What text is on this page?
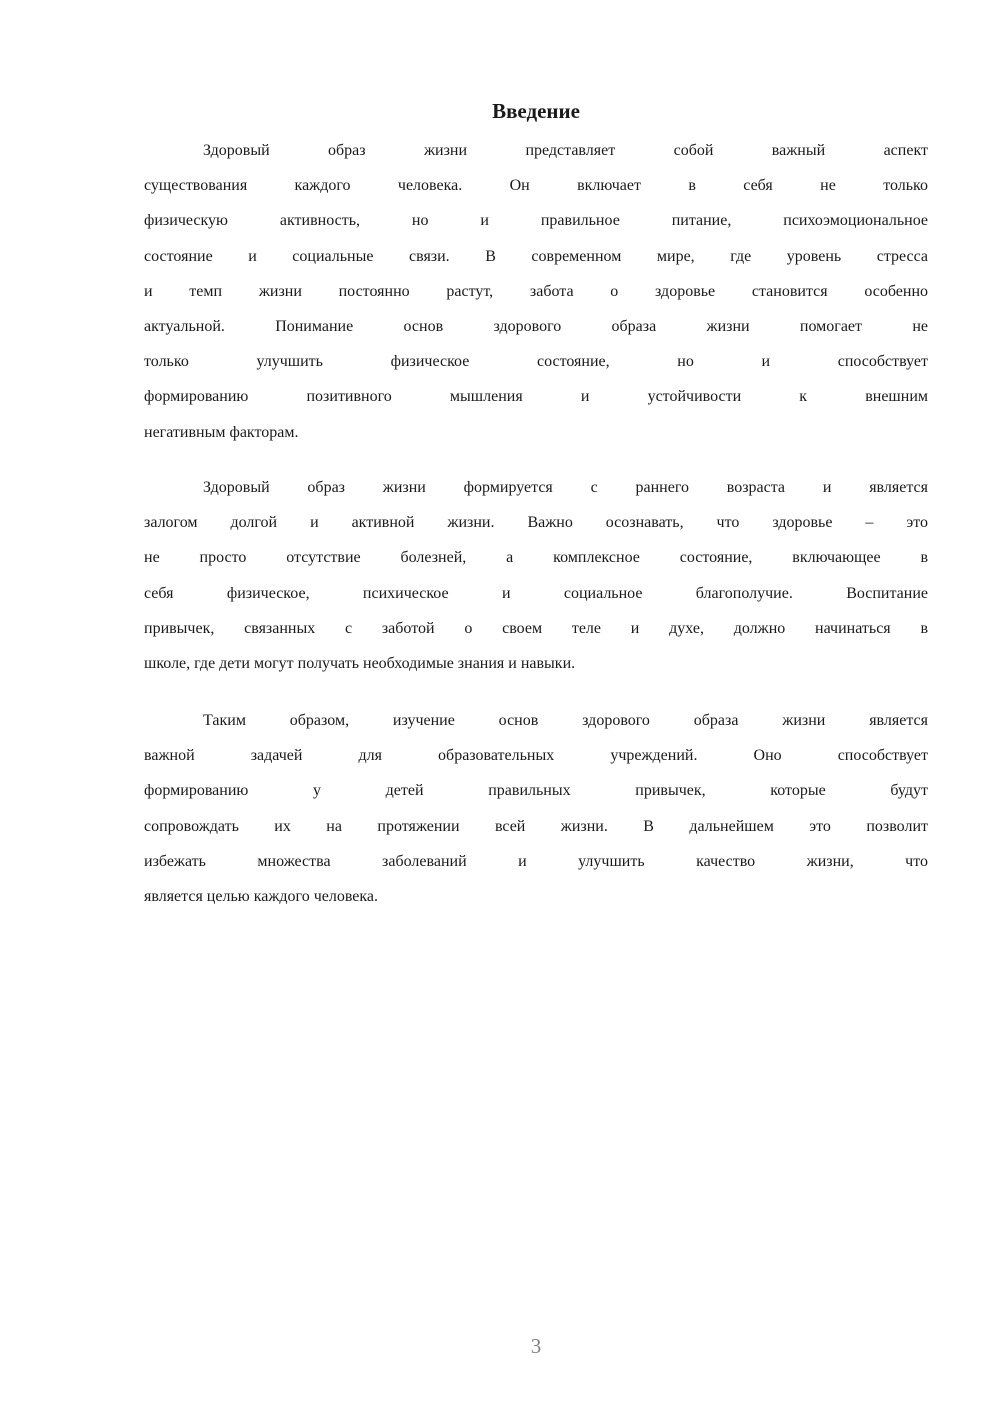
Введение
Здоровый образ жизни представляет собой важный аспект
существования каждого человека. Он включает в себя не только
физическую активность, но и правильное питание, психоэмоциональное
состояние и социальные связи. В современном мире, где уровень стресса
и темп жизни постоянно растут, забота о здоровье становится особенно
актуальной. Понимание основ здорового образа жизни помогает не
только улучшить физическое состояние, но и способствует
формированию позитивного мышления и устойчивости к внешним
негативным факторам.
Здоровый образ жизни формируется с раннего возраста и является
залогом долгой и активной жизни. Важно осознавать, что здоровье – это
не просто отсутствие болезней, а комплексное состояние, включающее в
себя физическое, психическое и социальное благополучие. Воспитание
привычек, связанных с заботой о своем теле и духе, должно начинаться в
школе, где дети могут получать необходимые знания и навыки.
Таким образом, изучение основ здорового образа жизни является
важной задачей для образовательных учреждений. Оно способствует
формированию у детей правильных привычек, которые будут
сопровождать их на протяжении всей жизни. В дальнейшем это позволит
избежать множества заболеваний и улучшить качество жизни, что
является целью каждого человека.
3
